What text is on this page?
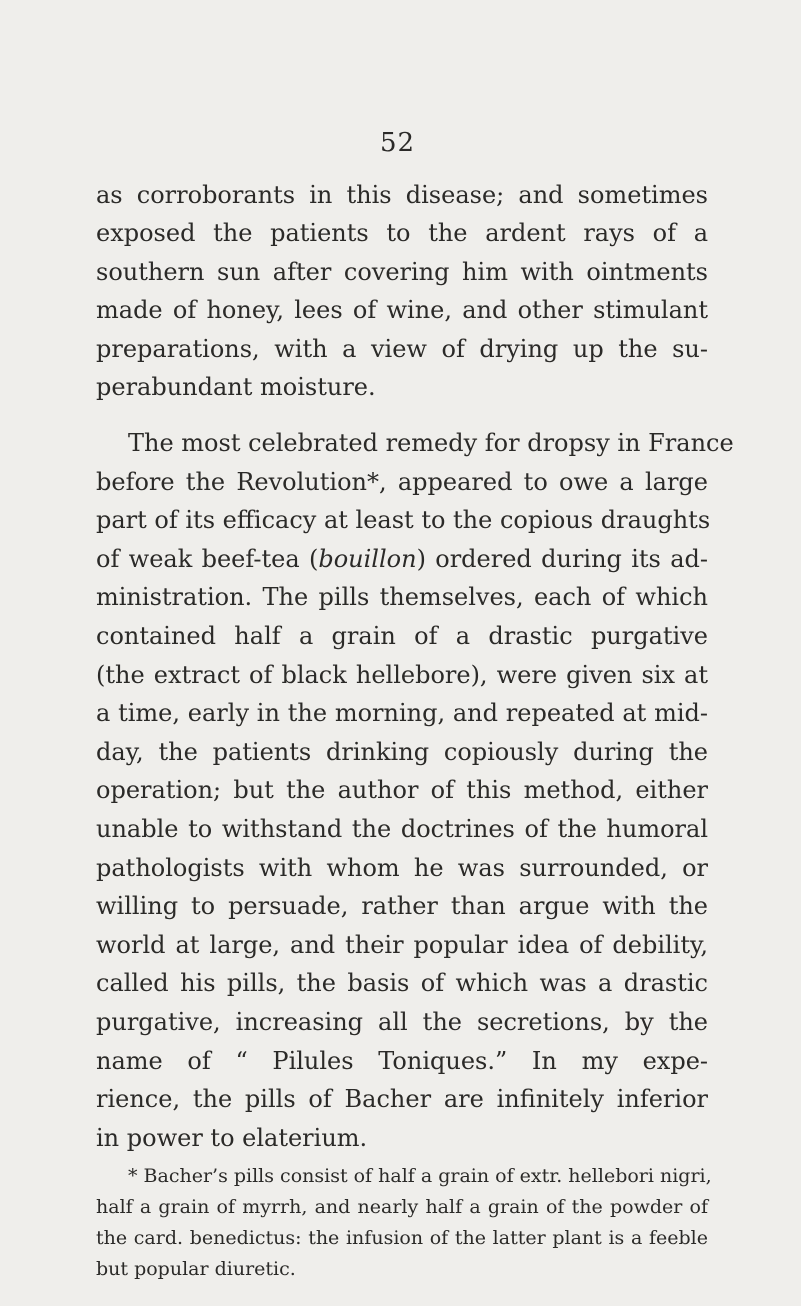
52
as corroborants in this disease; and sometimes
exposed the patients to the ardent rays of a
southern sun after covering him with ointments
made of honey, lees of wine, and other stimulant
preparations, with a view of drying up the su-
perabundant moisture.
The most celebrated remedy for dropsy in France
before the Revolution*, appeared to owe a large
part of its efficacy at least to the copious draughts
of weak beef-tea (bouillon) ordered during its ad-
ministration. The pills themselves, each of which
contained half a grain of a drastic purgative
(the extract of black hellebore), were given six at
a time, early in the morning, and repeated at mid-
day, the patients drinking copiously during the
operation; but the author of this method, either
unable to withstand the doctrines of the humoral
pathologists with whom he was surrounded, or
willing to persuade, rather than argue with the
world at large, and their popular idea of debility,
called his pills, the basis of which was a drastic
purgative, increasing all the secretions, by the
name of “ Pilules Toniques.” In my expe-
rience, the pills of Bacher are infinitely inferior
in power to elaterium.
* Bacher’s pills consist of half a grain of extr. hellebori nigri,
half a grain of myrrh, and nearly half a grain of the powder of
the card. benedictus: the infusion of the latter plant is a feeble
but popular diuretic.
